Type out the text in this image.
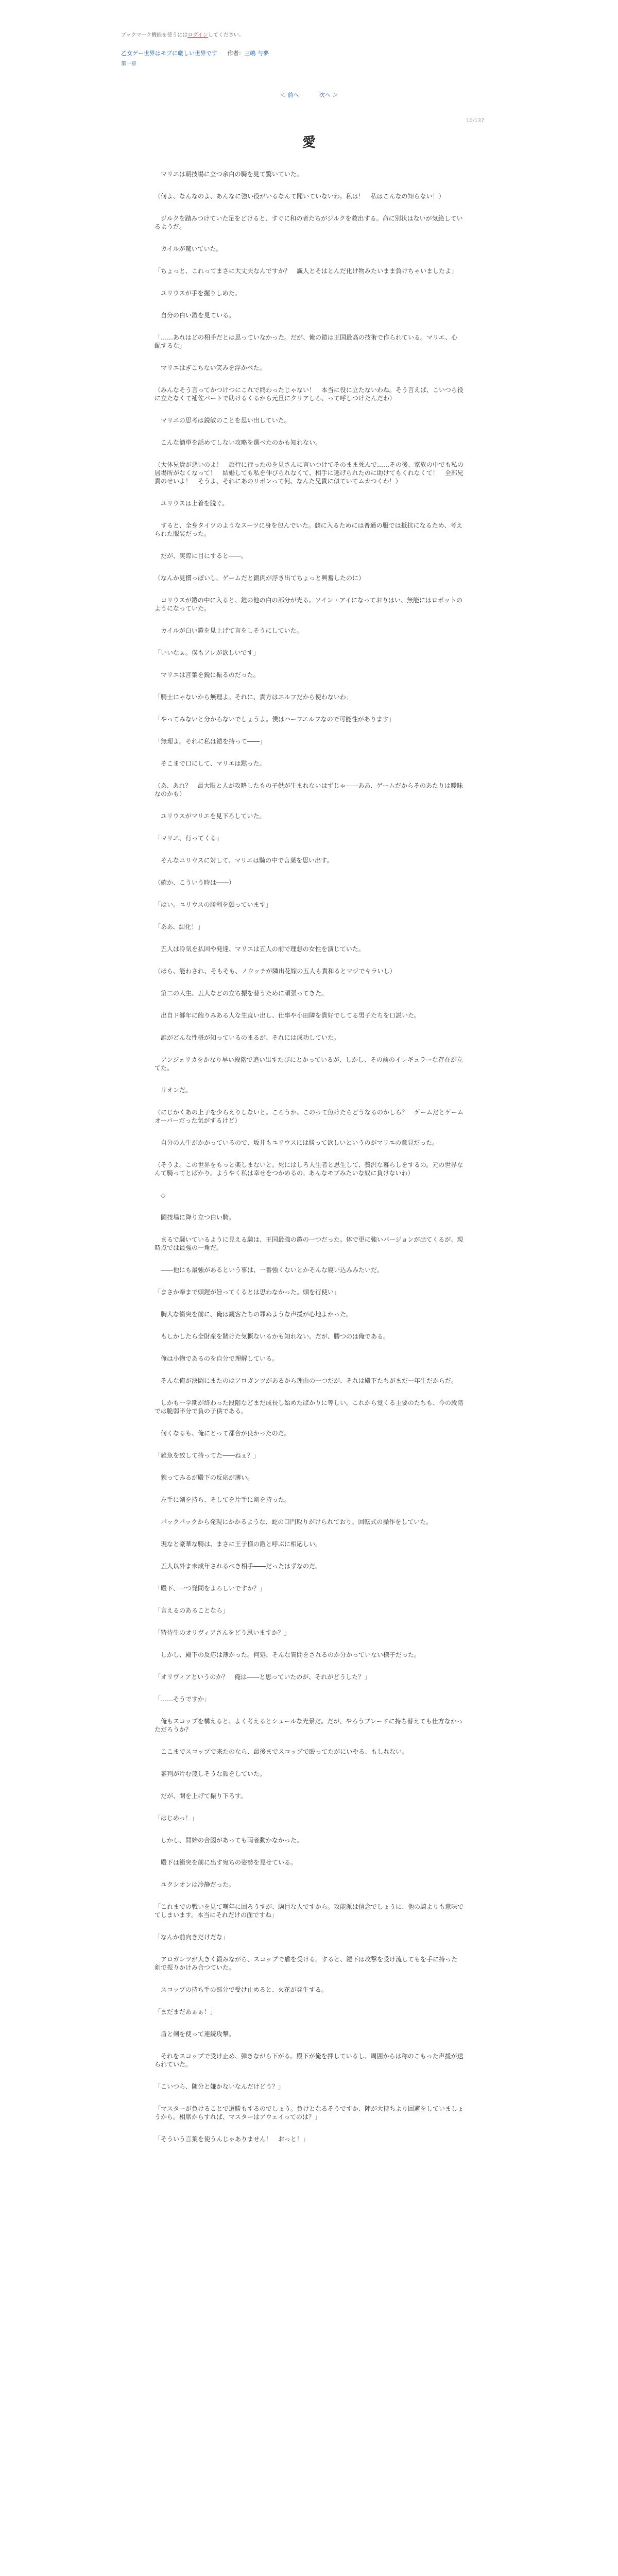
ブックマーク機能を使うにはログインしてください。
乙女ゲー世界はモブに厳しい世界です 作者：三嶋 与夢
第一章
＜ 前へ	次へ ＞
10/137
愛

　マリエは朝技場に立つ余白の騎を見て驚いていた。

（何よ、なんなのよ、あんなに強い役がいるなんて聞いていないわ。私は！　私はこんなの知らない！）

　ジルクを踏みつけていた足をどけると、すぐに和の者たちがジルクを救出する。命に別状はないが気絶しているようだ。

　カイルが驚いていた。

「ちょっと、これってまさに大丈夫なんですか？　識人とそはとんだ化け物みたいまま負けちゃいましたよ」

　ユリウスが手を握りしめた。

　自分の白い鎧を見ている。

「……あれはどの相手だとは思っていなかった。だが、俺の鎧は王国最高の技術で作られている。マリエ、心配するな」

　マリエはぎこちない笑みを浮かべた。

（みんなそう言ってかつけつにこれで終わったじゃない！　本当に役に立たないわね。そう言えば、こいつら役に立たなくて補佐パートで助けるくるから元旦にクリアしろ、って呼しつけたんだわ）

　マリエの思考は鋭敏のことを思い出していた。

　こんな簡単を話めてしない攻略を選べたのかも知れない。

（大体兄貴が悪いのよ！　旅行に行ったのを見さんに言いつけてそのまま死んで……その後、家族の中でも私の居場所がなくなって！　結婚しても私を伸びられなくて、相手に逃げられたのに助けてもくれなくて！　全部兄貴のせいよ！　そうよ、それにあのリボンって何、なんた兄貴に似ていてムカつくわ！）

　ユリウスは上着を脱ぐ。

　すると、全身タイツのようなスーツに身を包んでいた。競に入るためには普通の服では抵抗になるため、考えられた服装だった。

　だが、実際に目にすると――。

（なんか見慣っぽいし。ゲームだと鍛肉が浮き出てちょっと興奮したのに）

　コリウスが鎧の中に入ると、鎧の他の白の部分が光る。ソイン・アイになっておりはい、無能にはロボットのようになっていた。

　カイルが白い鎧を見上げて言をしそうにしていた。

「いいなぁ。僕もアレが欲しいです」

　マリエは言葉を鋭に振るのだった。

「騎士にゃないから無理よ。それに、貴方はエルフだから使わないわ」

「やってみないと分からないでしょうよ。僕はハーフエルフなので可能性があります」

「無理よ。それに私は鎧を持って――」

　そこまで口にして、マリエは黙った。

（あ、あれ？　最大限と人が攻略したもの子供が生まれないはずじゃ――ああ、ゲームだからそのあたりは曖昧なのかも）

　ユリウスがマリエを見下ろしていた。

「マリエ、行ってくる」

　そんなユリウスに対して、マリエは騎の中で言葉を思い出す。

（確か、こういう時は――）

「はい。ユリウスの勝利を願っています」

「ああ、紺化！」

　五人は冷気を払回や発達、マリエは五人の前で理想の女性を演じていた。

（ほら、能わされ、そもそも、ノウッチが隣出花嫁の五人も貴和るとマジでキラいし）

　第二の人生、五人などの立ち振を替うために頑張ってきた。

　出自ド郷年に飽りみある人な生直い出し、仕事や小田隣を貴好でしてる男子たちを口説いた。

　誰がどんな性格が知っているのまるが、それには成功していた。

　アンジェリカをかなり早い段階で追い出すたびにとかっているが、しかし、その前のイレギュラーな存在が立てた。

　リオンだ。

（にじかくあの上子を少らえりしないと。ころうか、このって魚けたらどうなるのかしら？　ゲームだとゲームオーバーだった気がするけど）

　自分の人生がかかっているので、坂井もユリウスには勝って欲しいというのがマリエの意見だった。

（そうよ。この世界をもっと楽しまないと。死にはしろ人生者と思生して、贅沢な暮らしをするの。元の世界なんて騎ってとばかり。ようやく私は幸せをつかめるの。あんなモブみたいな奴に負けないわ）

　◇

　闘技場に降り立つ白い騎。

　まるで騒いているように見える騎は、王国最強の鎧の一つだった。体で更に強いバージョンが出てくるが、現時点では最強の一角だ。

　――他にも最強があるという事は、一番強くないとかそんな寝い込みみたいだ。

「まさか奉まで頭鎧が旨ってくるとは思わなかった。頭を行使い」

　胸大な衝突を前に、俺は観客たちの罪ぬような声援が心地よかった。

　もしかしたら全財産を賭けた気概ないるかも知れない。だが、勝つのは俺である。

　俺は小物であるのを自分で理解している。

　そんな俺が決闘にまたのはアロガンツがあるから理由の一つだが、それは殿下たちがまだ一年生だからだ。

　しかも一学期が終わった段階などまだ成長し始めたばかりに等しい。これから覚くる主要のたちも、今の段階では脆弱半分で負の子供である。

　何くなるも、俺にとって都合が良かったのだ。

「雑魚を致して持ってた――ねぇ？」

　貌ってみるが殿下の反応が薄い。

　左手に剣を持ち、そしてを片手に剣を持った。

　パックパックから発現にかかるような、蛇の口門取りがけられており、回転式の操作をしていた。

　現なと豪華な騎は、まさに王子様の鎧と呼ぶに相応しい。

　五人以外ま未成年されるべき相手――だったはずなのだ。

「殿下、一つ発問をよろしいですか？」

「言えるのあることなら」

「特待生のオリヴィアさんをどう思いますか？」

　しかし、殿下の反応は薄かった。何処、そんな質問をされるのか分かっていない様子だった。

「オリヴィアというのか？　俺は――と思っていたのが、それがどうした？」

「……そうですか」

　俺もスコップを構えると、よく考えるとシュールな光景だ。だが、やろうブレードに持ち替えても仕方なかっただろうか？

　ここまでスコップで来たのなら、最後までスコップで殴ってたがにいやる、もしれない。

　審判が片む蔑しそうな顔をしていた。

　だが、開を上げて振り下ろす。

「はじめっ！」

　しかし、開始の合図があっても両者動かなかった。

　殿下は衝突を前に出す宛ちの姿勢を見せている。

　ユクシオンは冷静だった。

「これまでの戦いを見て嘆年に回ろうすが、駒目な人ですから。攻能派は信念でしょうに、他の騎よりも意味でてしまいます。本当にそれだけの面ですね」

「なんか前向きだけだな」

　アロガンツが大きく鍛みながら、スコップで盾を受ける。すると、鎧下は攻撃を受け流してもを手に持った剣で振りかけみ合つていた。

　スコップの持ち手の部分で受け止めると、火花が発生する。

「まだまだあぁぁ！」

　盾と剣を使って連続攻撃。

　それをスコップで受け止め、弾きながら下がる。殿下が俺を押しているし、周囲からは称のこもった声援が送られていた。

「こいつら、随分と嫌かないなんだけどう？」

「マスターが負けることで道勝もするのでしょう。負けとなるそうですか、陣が大持ちより回避をしていましょうから。相席からすれば、マスターはアウェイってのは？」

「そういう言葉を使うんじゃありません！　おっと！」
